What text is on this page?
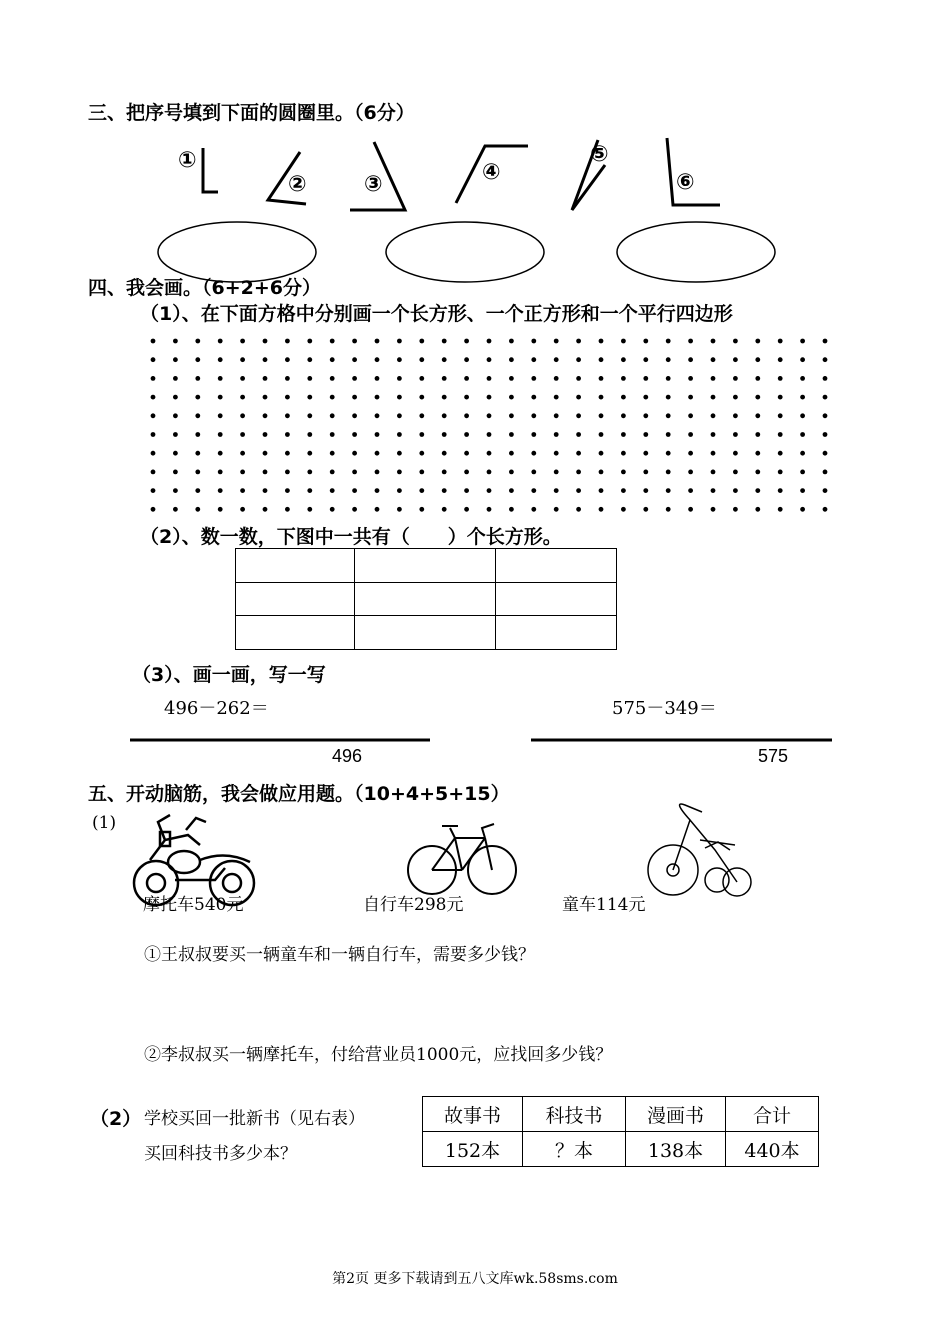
三、把序号填到下面的圆圈里。（6分）
①
②	③	④
⑤
⑥
四、我会画。（6+2+6分）
（1）、在下面方格中分别画一个长方形、一个正方形和一个平行四边形
（2）、数一数，下图中一共有（　　）个长方形。

（3）、画一画，写一写
496－262＝	575－349＝
496	575
五、开动脑筋，我会做应用题。（10+4+5+15）
(1)
摩托车540元	自行车298元	童车114元
①王叔叔要买一辆童车和一辆自行车，需要多少钱？
②李叔叔买一辆摩托车，付给营业员1000元，应找回多少钱？
（2） 学校买回一批新书（见右表）
买回科技书多少本？
故事书	科技书	漫画书	合计
152本	？本	138本	440本
第2页 更多下载请到五八文库wk.58sms.com
